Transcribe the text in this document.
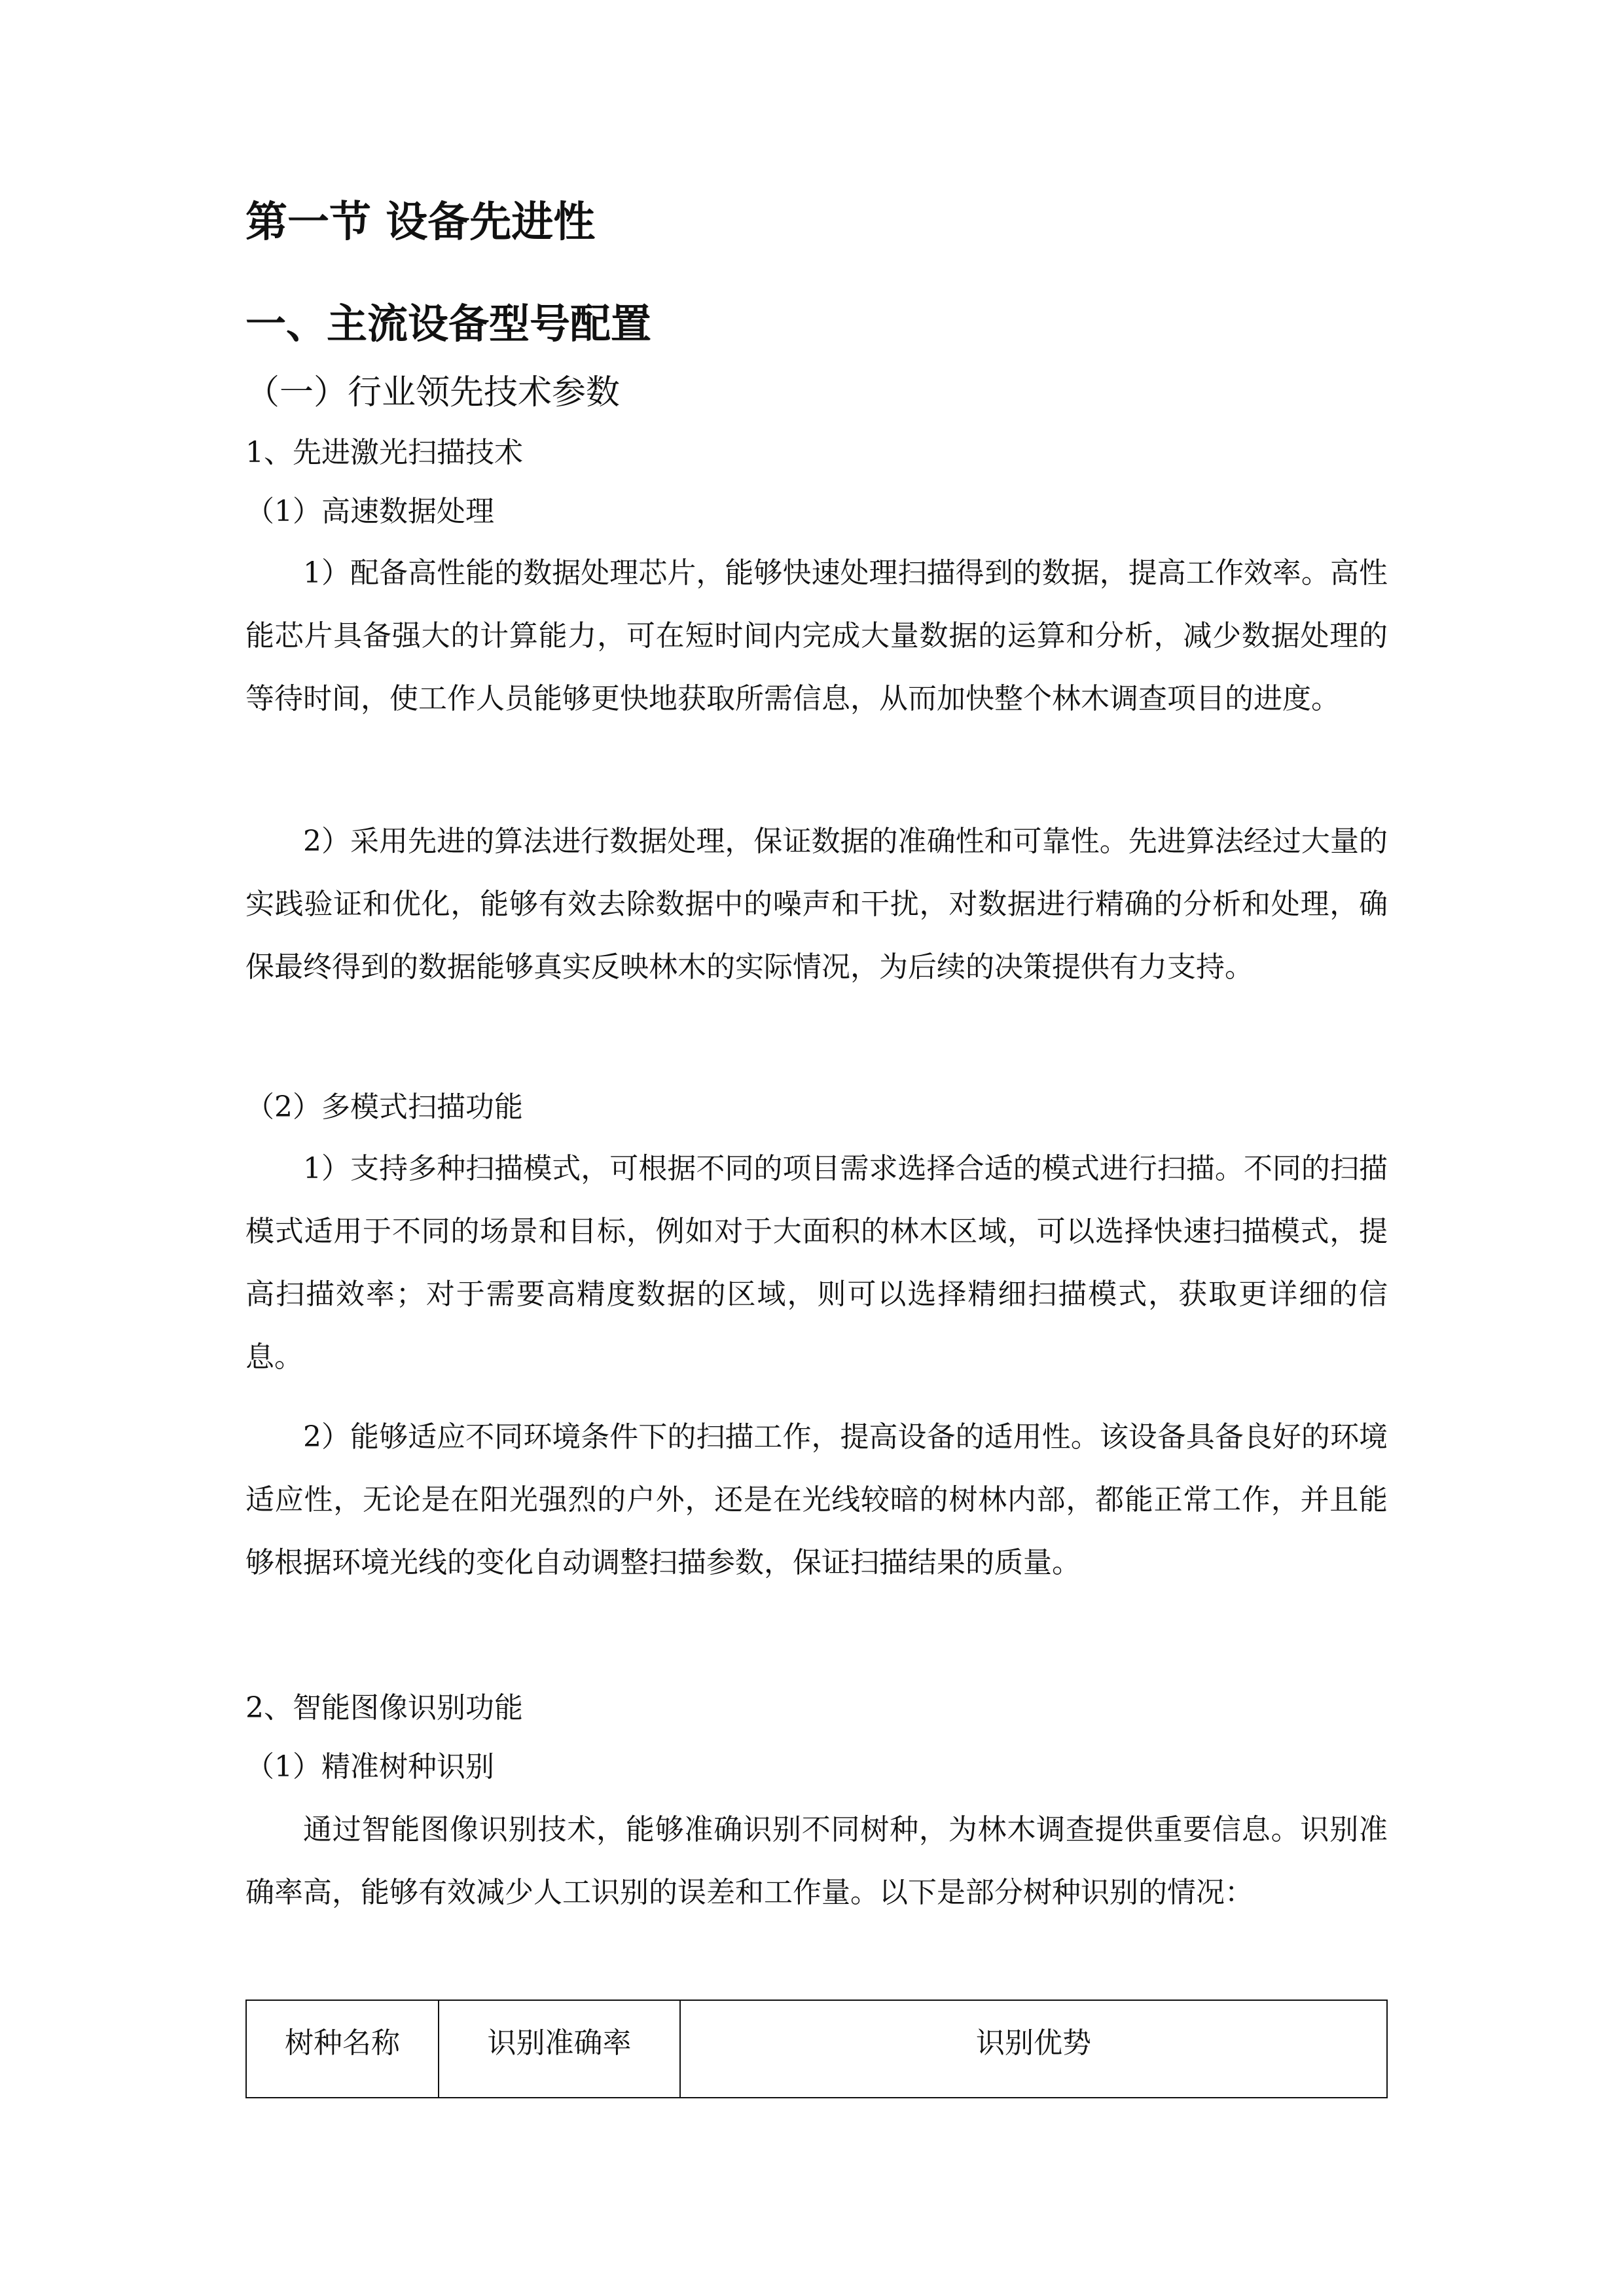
第一节 设备先进性
一、主流设备型号配置
（一）行业领先技术参数
1、先进激光扫描技术
（1）高速数据处理

1）配备高性能的数据处理芯片，能够快速处理扫描得到的数据，提高工作效率。高性能芯片具备强大的计算能力，可在短时间内完成大量数据的运算和分析，减少数据处理的等待时间，使工作人员能够更快地获取所需信息，从而加快整个林木调查项目的进度。

2）采用先进的算法进行数据处理，保证数据的准确性和可靠性。先进算法经过大量的实践验证和优化，能够有效去除数据中的噪声和干扰，对数据进行精确的分析和处理，确保最终得到的数据能够真实反映林木的实际情况，为后续的决策提供有力支持。

（2）多模式扫描功能

1）支持多种扫描模式，可根据不同的项目需求选择合适的模式进行扫描。不同的扫描模式适用于不同的场景和目标，例如对于大面积的林木区域，可以选择快速扫描模式，提高扫描效率；对于需要高精度数据的区域，则可以选择精细扫描模式，获取更详细的信息。

2）能够适应不同环境条件下的扫描工作，提高设备的适用性。该设备具备良好的环境适应性，无论是在阳光强烈的户外，还是在光线较暗的树林内部，都能正常工作，并且能够根据环境光线的变化自动调整扫描参数，保证扫描结果的质量。

2、智能图像识别功能
（1）精准树种识别

通过智能图像识别技术，能够准确识别不同树种，为林木调查提供重要信息。识别准确率高，能够有效减少人工识别的误差和工作量。以下是部分树种识别的情况：

树种名称	识别准确率	识别优势
